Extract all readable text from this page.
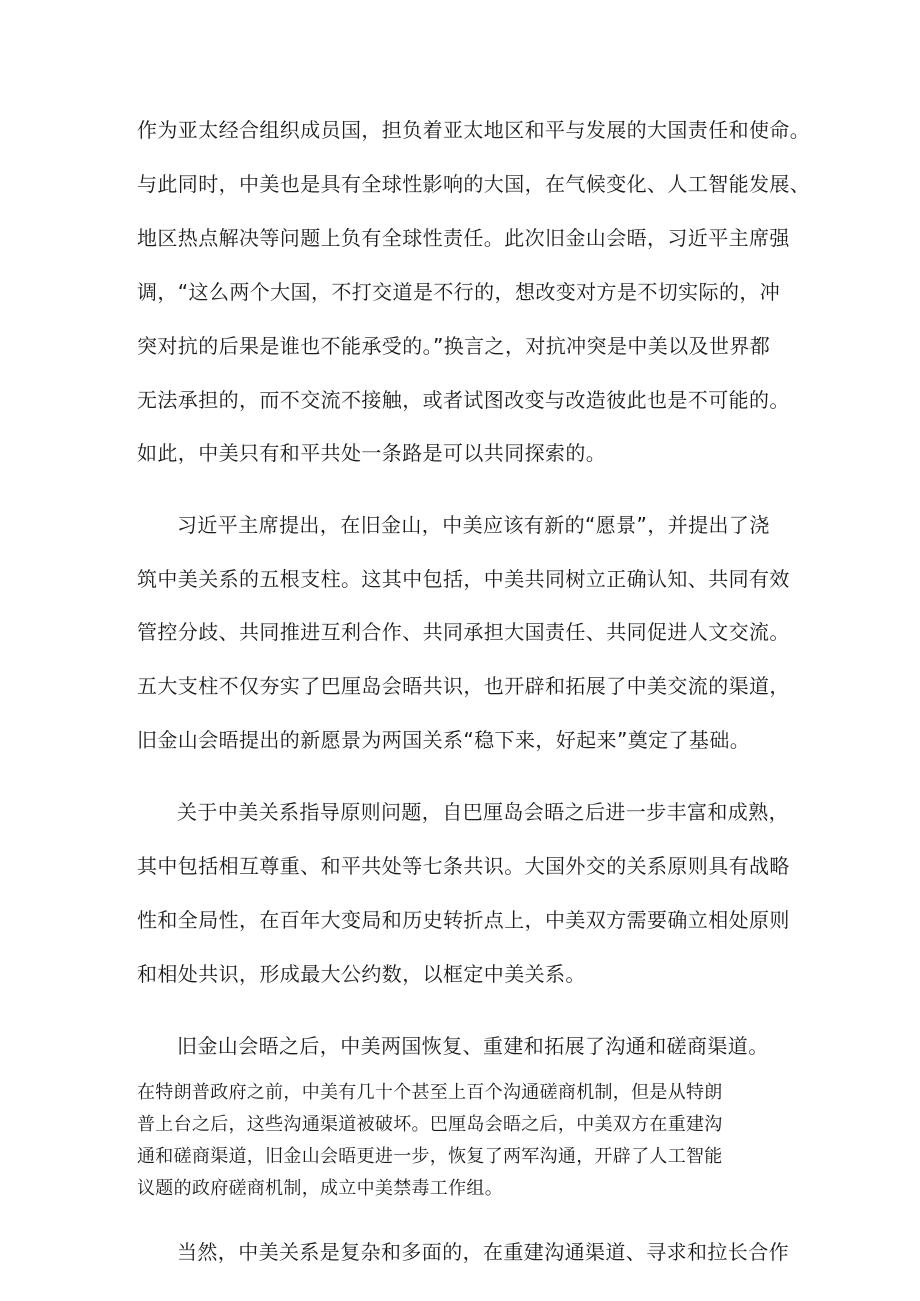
作为亚太经合组织成员国，担负着亚太地区和平与发展的大国责任和使命。
与此同时，中美也是具有全球性影响的大国，在气候变化、人工智能发展、
地区热点解决等问题上负有全球性责任。此次旧金山会晤，习近平主席强
调，“这么两个大国，不打交道是不行的，想改变对方是不切实际的，冲
突对抗的后果是谁也不能承受的。”换言之，对抗冲突是中美以及世界都
无法承担的，而不交流不接触，或者试图改变与改造彼此也是不可能的。
如此，中美只有和平共处一条路是可以共同探索的。
习近平主席提出，在旧金山，中美应该有新的“愿景”，并提出了浇
筑中美关系的五根支柱。这其中包括，中美共同树立正确认知、共同有效
管控分歧、共同推进互利合作、共同承担大国责任、共同促进人文交流。
五大支柱不仅夯实了巴厘岛会晤共识，也开辟和拓展了中美交流的渠道，
旧金山会晤提出的新愿景为两国关系“稳下来，好起来”奠定了基础。
关于中美关系指导原则问题，自巴厘岛会晤之后进一步丰富和成熟，
其中包括相互尊重、和平共处等七条共识。大国外交的关系原则具有战略
性和全局性，在百年大变局和历史转折点上，中美双方需要确立相处原则
和相处共识，形成最大公约数，以框定中美关系。
旧金山会晤之后，中美两国恢复、重建和拓展了沟通和磋商渠道。
在特朗普政府之前，中美有几十个甚至上百个沟通磋商机制，但是从特朗
普上台之后，这些沟通渠道被破坏。巴厘岛会晤之后，中美双方在重建沟
通和磋商渠道，旧金山会晤更进一步，恢复了两军沟通，开辟了人工智能
议题的政府磋商机制，成立中美禁毒工作组。
当然，中美关系是复杂和多面的，在重建沟通渠道、寻求和拉长合作
